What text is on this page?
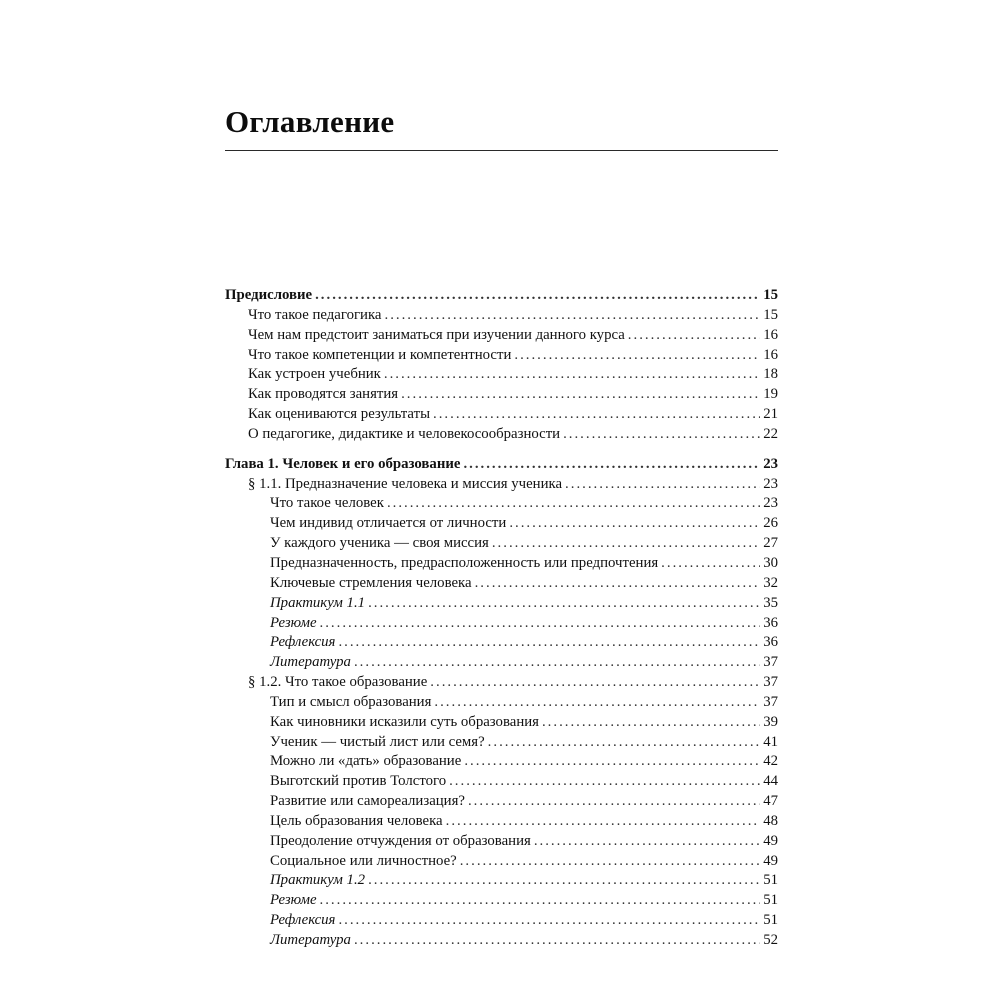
Оглавление
Предисловие .....	15
Что такое педагогика .....	15
Чем нам предстоит заниматься при изучении данного курса .....	16
Что такое компетенции и компетентности .....	16
Как устроен учебник .....	18
Как проводятся занятия .....	19
Как оцениваются результаты .....	21
О педагогике, дидактике и человекосообразности .....	22
Глава 1. Человек и его образование .....	23
§ 1.1. Предназначение человека и миссия ученика .....	23
Что такое человек .....	23
Чем индивид отличается от личности .....	26
У каждого ученика — своя миссия .....	27
Предназначенность, предрасположенность или предпочтения .....	30
Ключевые стремления человека .....	32
Практикум 1.1 .....	35
Резюме .....	36
Рефлексия .....	36
Литература .....	37
§ 1.2. Что такое образование .....	37
Тип и смысл образования .....	37
Как чиновники исказили суть образования .....	39
Ученик — чистый лист или семя? .....	41
Можно ли «дать» образование .....	42
Выготский против Толстого .....	44
Развитие или самореализация? .....	47
Цель образования человека .....	48
Преодоление отчуждения от образования .....	49
Социальное или личностное? .....	49
Практикум 1.2 .....	51
Резюме .....	51
Рефлексия .....	51
Литература .....	52
